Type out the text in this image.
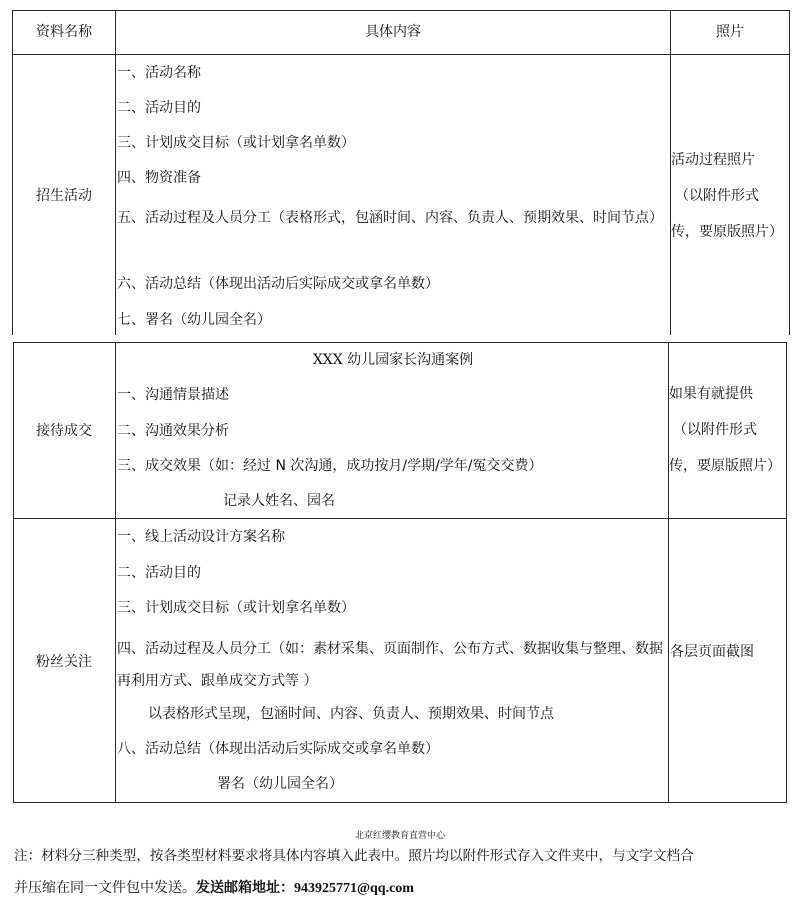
资料名称	具体内容	照片
招生活动
一、活动名称
二、活动目的
三、计划成交目标（或计划拿名单数）
四、物资准备
五、活动过程及人员分工（表格形式，包涵时间、内容、负责人、预期效果、时间节点）
六、活动总结（体现出活动后实际成交或拿名单数）
七、署名（幼儿园全名）
活动过程照片
（以附件形式
传，要原版照片）
XXX 幼儿园家长沟通案例
接待成交
一、沟通情景描述
二、沟通效果分析
三、成交效果（如：经过 N 次沟通，成功按月/学期/学年/冤交交费）
记录人姓名、园名
如果有就提供
（以附件形式
传，要原版照片）
粉丝关注
一、线上活动设计方案名称
二、活动目的
三、计划成交目标（或计划拿名单数）
四、活动过程及人员分工（如：素材采集、页面制作、公布方式、数据收集与整理、数据再利用方式、跟单成交方式等 ）
以表格形式呈现，包涵时间、内容、负责人、预期效果、时间节点
八、活动总结（体现出活动后实际成交或拿名单数）
署名（幼儿园全名）
各层页面截图
北京红缨教育直营中心
注：材料分三种类型，按各类型材料要求将具体内容填入此表中。照片均以附件形式存入文件夹中，与文字文档合
并压缩在同一文件包中发送。发送邮箱地址：943925771@qq.com
